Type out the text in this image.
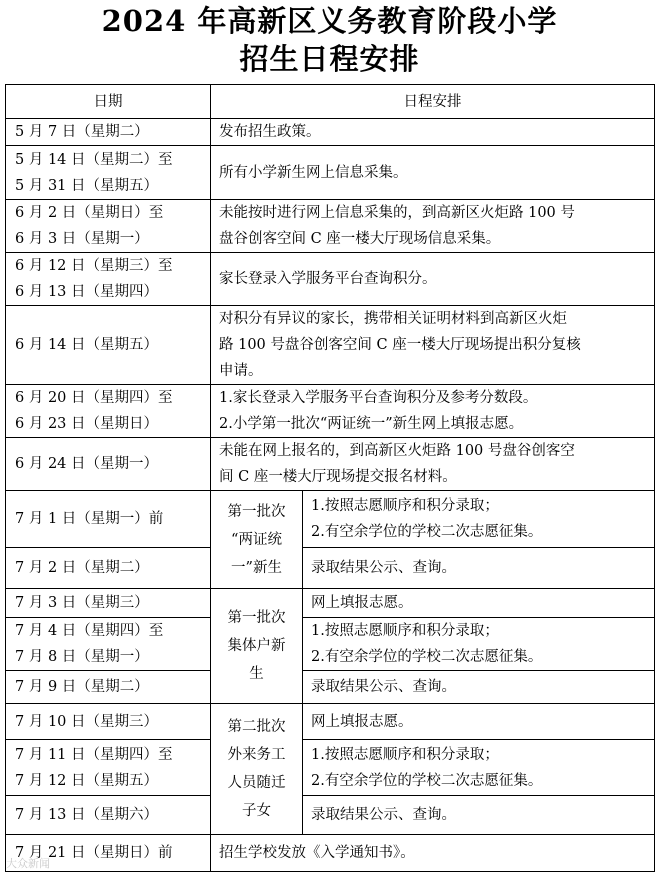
2024 年高新区义务教育阶段小学
招生日程安排
日期	日程安排	

5 月 7 日（星期二）	发布招生政策。	

5 月 14 日（星期二）至
5 月 31 日（星期五）	所有小学新生网上信息采集。	

6 月 2 日（星期日）至
6 月 3 日（星期一）	未能按时进行网上信息采集的，到高新区火炬路 100 号
盘谷创客空间 C 座一楼大厅现场信息采集。	

6 月 12 日（星期三）至
6 月 13 日（星期四）	家长登录入学服务平台查询积分。	

6 月 14 日（星期五）	对积分有异议的家长，携带相关证明材料到高新区火炬
路 100 号盘谷创客空间 C 座一楼大厅现场提出积分复核
申请。	

6 月 20 日（星期四）至
6 月 23 日（星期日）	1.家长登录入学服务平台查询积分及参考分数段。
2.小学第一批次“两证统一”新生网上填报志愿。	

6 月 24 日（星期一）	未能在网上报名的，到高新区火炬路 100 号盘谷创客空
间 C 座一楼大厅现场提交报名材料。	

7 月 1 日（星期一）前	第一批次
“两证统
一”新生	1.按照志愿顺序和积分录取；
2.有空余学位的学校二次志愿征集。

7 月 2 日（星期二）		录取结果公示、查询。

7 月 3 日（星期三）	第一批次
集体户新
生	网上填报志愿。

7 月 4 日（星期四）至
7 月 8 日（星期一）		1.按照志愿顺序和积分录取；
2.有空余学位的学校二次志愿征集。

7 月 9 日（星期二）		录取结果公示、查询。

7 月 10 日（星期三）	第二批次
外来务工
人员随迁
子女	网上填报志愿。

7 月 11 日（星期四）至
7 月 12 日（星期五）		1.按照志愿顺序和积分录取；
2.有空余学位的学校二次志愿征集。

7 月 13 日（星期六）		录取结果公示、查询。

7 月 21 日（星期日）前	招生学校发放《入学通知书》。	
大众新闻
